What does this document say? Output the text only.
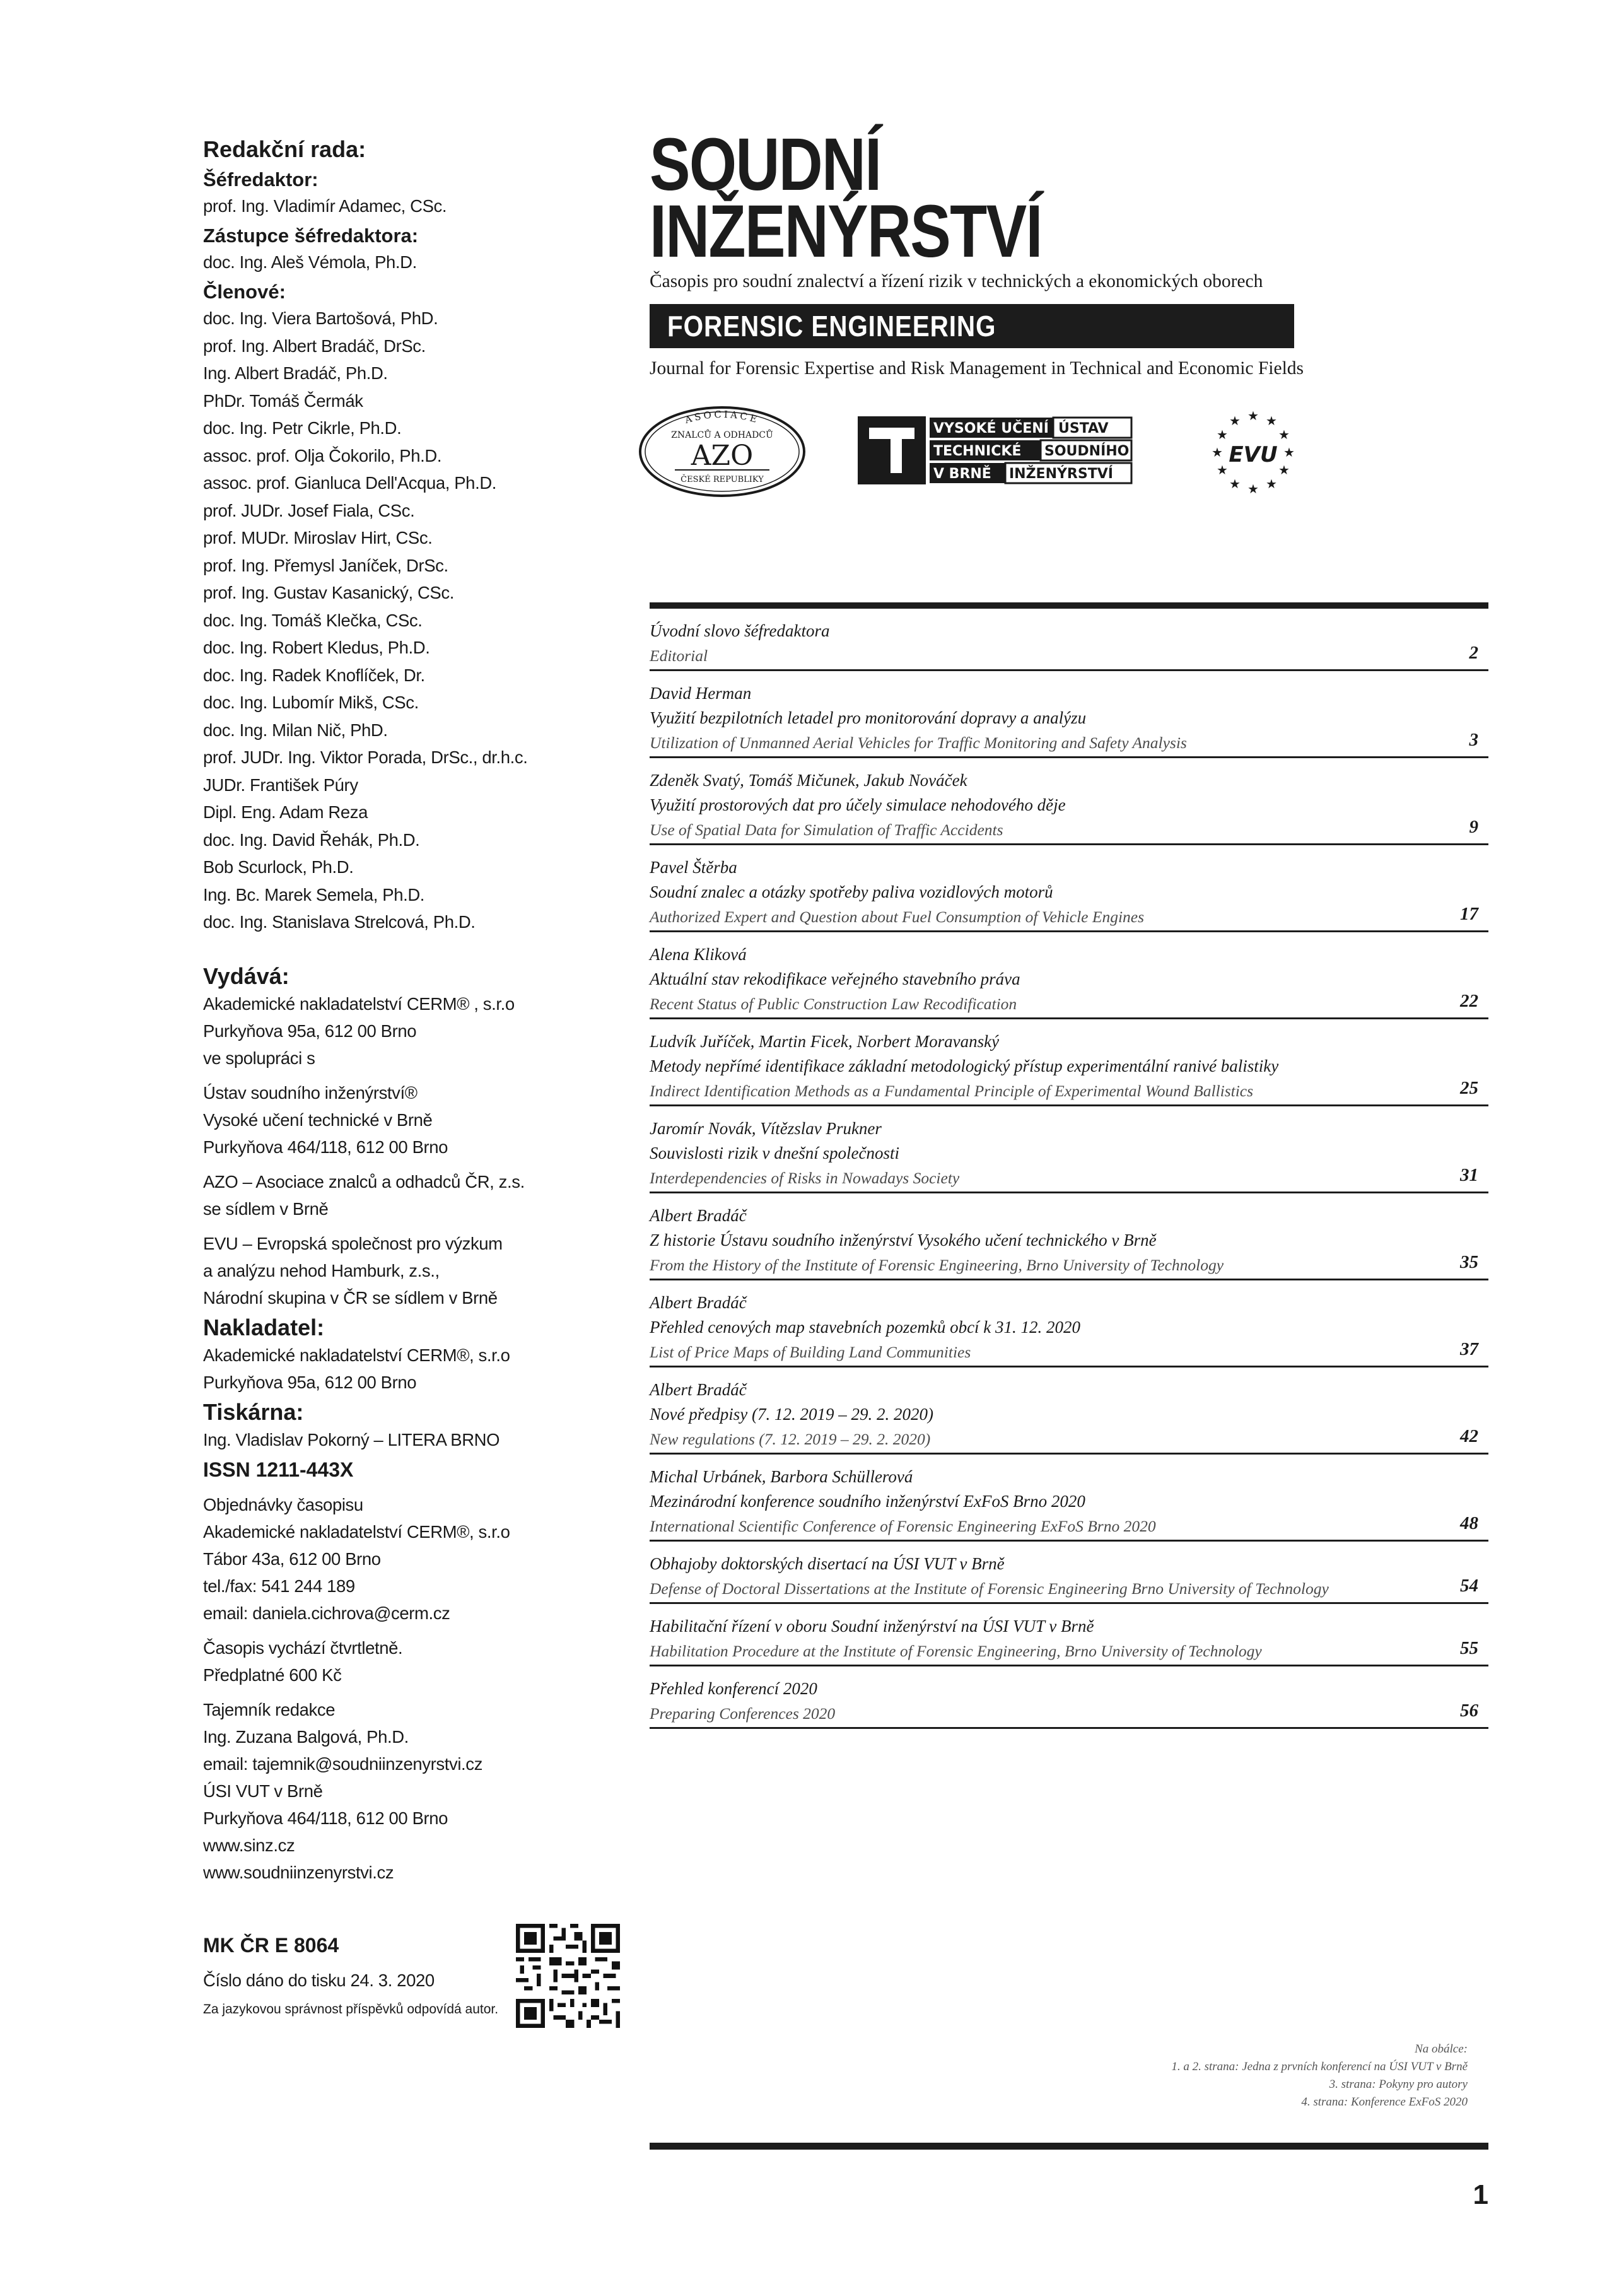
Redakční rada:
Šéfredaktor:
prof. Ing. Vladimír Adamec, CSc.
Zástupce šéfredaktora:
doc. Ing. Aleš Vémola, Ph.D.
Členové:
doc. Ing. Viera Bartošová, PhD.
prof. Ing. Albert Bradáč, DrSc.
Ing. Albert Bradáč, Ph.D.
PhDr. Tomáš Čermák
doc. Ing. Petr Cikrle, Ph.D.
assoc. prof. Olja Čokorilo, Ph.D.
assoc. prof. Gianluca Dell'Acqua, Ph.D.
prof. JUDr. Josef Fiala, CSc.
prof. MUDr. Miroslav Hirt, CSc.
prof. Ing. Přemysl Janíček, DrSc.
prof. Ing. Gustav Kasanický, CSc.
doc. Ing. Tomáš Klečka, CSc.
doc. Ing. Robert Kledus, Ph.D.
doc. Ing. Radek Knoflíček, Dr.
doc. Ing. Lubomír Mikš, CSc.
doc. Ing. Milan Nič, PhD.
prof. JUDr. Ing. Viktor Porada, DrSc., dr.h.c.
JUDr. František Púry
Dipl. Eng. Adam Reza
doc. Ing. David Řehák, Ph.D.
Bob Scurlock, Ph.D.
Ing. Bc. Marek Semela, Ph.D.
doc. Ing. Stanislava Strelcová, Ph.D.
Vydává:
Akademické nakladatelství CERM® , s.r.o
Purkyňova 95a, 612 00 Brno
ve spolupráci s
Ústav soudního inženýrství®
Vysoké učení technické v Brně
Purkyňova 464/118, 612 00 Brno
AZO – Asociace znalců a odhadců ČR, z.s.
se sídlem v Brně
EVU – Evropská společnost pro výzkum
a analýzu nehod Hamburk, z.s.,
Národní skupina v ČR se sídlem v Brně
Nakladatel:
Akademické nakladatelství CERM®, s.r.o
Purkyňova 95a, 612 00 Brno
Tiskárna:
Ing. Vladislav Pokorný – LITERA BRNO
ISSN 1211-443X
Objednávky časopisu
Akademické nakladatelství CERM®, s.r.o
Tábor 43a, 612 00 Brno
tel./fax: 541 244 189
email: daniela.cichrova@cerm.cz
Časopis vychází čtvrtletně.
Předplatné 600 Kč
Tajemník redakce
Ing. Zuzana Balgová, Ph.D.
email: tajemnik@soudniinzenyrstvi.cz
ÚSI VUT v Brně
Purkyňova 464/118, 612 00 Brno
www.sinz.cz
www.soudniinzenyrstvi.cz
MK ČR E 8064
Číslo dáno do tisku 24. 3. 2020
Za jazykovou správnost příspěvků odpovídá autor.
SOUDNÍ
INŽENÝRSTVÍ
Časopis pro soudní znalectví a řízení rizik v technických a ekonomických oborech
FORENSIC ENGINEERING
Journal for Forensic Expertise and Risk Management in Technical and Economic Fields
ASOCIACE
ZNALCŮ A ODHADCŮ
AZO
ČESKÉ REPUBLIKY
VYSOKÉ UČENÍ ÚSTAV
TECHNICKÉ SOUDNÍHO
V BRNĚ INŽENÝRSTVÍ
★ ★
★
★
★
★
★
★
★
★
★
★
EVU
Úvodní slovo šéfredaktora
Editorial	2
David Herman
Využití bezpilotních letadel pro monitorování dopravy a analýzu
Utilization of Unmanned Aerial Vehicles for Traffic Monitoring and Safety Analysis	3
Zdeněk Svatý, Tomáš Mičunek, Jakub Nováček
Využití prostorových dat pro účely simulace nehodového děje
Use of Spatial Data for Simulation of Traffic Accidents	9
Pavel Štěrba
Soudní znalec a otázky spotřeby paliva vozidlových motorů
Authorized Expert and Question about Fuel Consumption of Vehicle Engines	17
Alena Kliková
Aktuální stav rekodifikace veřejného stavebního práva
Recent Status of Public Construction Law Recodification	22
Ludvík Juříček, Martin Ficek, Norbert Moravanský
Metody nepřímé identifikace základní metodologický přístup experimentální ranivé balistiky
Indirect Identification Methods as a Fundamental Principle of Experimental Wound Ballistics	25
Jaromír Novák, Vítězslav Prukner
Souvislosti rizik v dnešní společnosti
Interdependencies of Risks in Nowadays Society	31
Albert Bradáč
Z historie Ústavu soudního inženýrství Vysokého učení technického v Brně
From the History of the Institute of Forensic Engineering, Brno University of Technology	35
Albert Bradáč
Přehled cenových map stavebních pozemků obcí k 31. 12. 2020
List of Price Maps of Building Land Communities	37
Albert Bradáč
Nové předpisy (7. 12. 2019 – 29. 2. 2020)
New regulations (7. 12. 2019 – 29. 2. 2020)	42
Michal Urbánek, Barbora Schüllerová
Mezinárodní konference soudního inženýrství ExFoS Brno 2020
International Scientific Conference of Forensic Engineering ExFoS Brno 2020	48
Obhajoby doktorských disertací na ÚSI VUT v Brně
Defense of Doctoral Dissertations at the Institute of Forensic Engineering Brno University of Technology	54
Habilitační řízení v oboru Soudní inženýrství na ÚSI VUT v Brně
Habilitation Procedure at the Institute of Forensic Engineering, Brno University of Technology	55
Přehled konferencí 2020
Preparing Conferences 2020	56
Na obálce:
1. a 2. strana: Jedna z prvních konferencí na ÚSI VUT v Brně
3. strana: Pokyny pro autory
4. strana: Konference ExFoS 2020
1
